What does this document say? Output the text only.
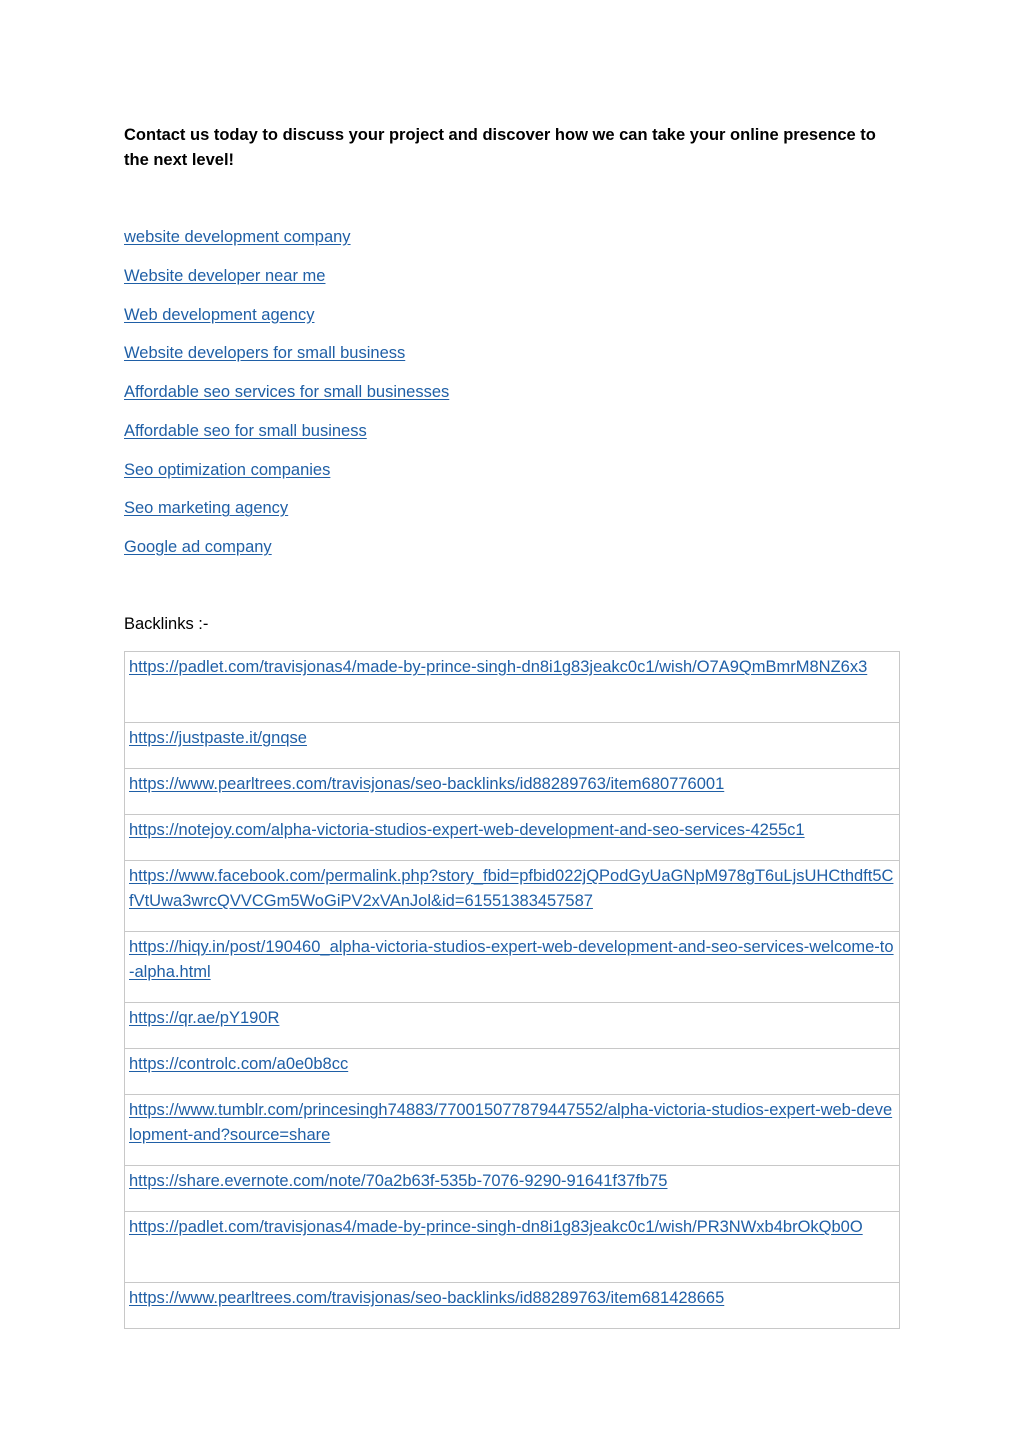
Contact us today to discuss your project and discover how we can take your online presence to the next level!

website development company
Website developer near me
Web development agency
Website developers for small business
Affordable seo services for small businesses
Affordable seo for small business
Seo optimization companies
Seo marketing agency
Google ad company

Backlinks :-

https://padlet.com/travisjonas4/made-by-prince-singh-dn8i1g83jeakc0c1/wish/O7A9QmBmrM8NZ6x3
https://justpaste.it/gnqse
https://www.pearltrees.com/travisjonas/seo-backlinks/id88289763/item680776001
https://notejoy.com/alpha-victoria-studios-expert-web-development-and-seo-services-4255c1
https://www.facebook.com/permalink.php?story_fbid=pfbid022jQPodGyUaGNpM978gT6uLjsUHCthdft5CfVtUwa3wrcQVVCGm5WoGiPV2xVAnJol&id=61551383457587
https://hiqy.in/post/190460_alpha-victoria-studios-expert-web-development-and-seo-services-welcome-to-alpha.html
https://qr.ae/pY190R
https://controlc.com/a0e0b8cc
https://www.tumblr.com/princesingh74883/770015077879447552/alpha-victoria-studios-expert-web-development-and?source=share
https://share.evernote.com/note/70a2b63f-535b-7076-9290-91641f37fb75
https://padlet.com/travisjonas4/made-by-prince-singh-dn8i1g83jeakc0c1/wish/PR3NWxb4brOkQb0O
https://www.pearltrees.com/travisjonas/seo-backlinks/id88289763/item681428665
